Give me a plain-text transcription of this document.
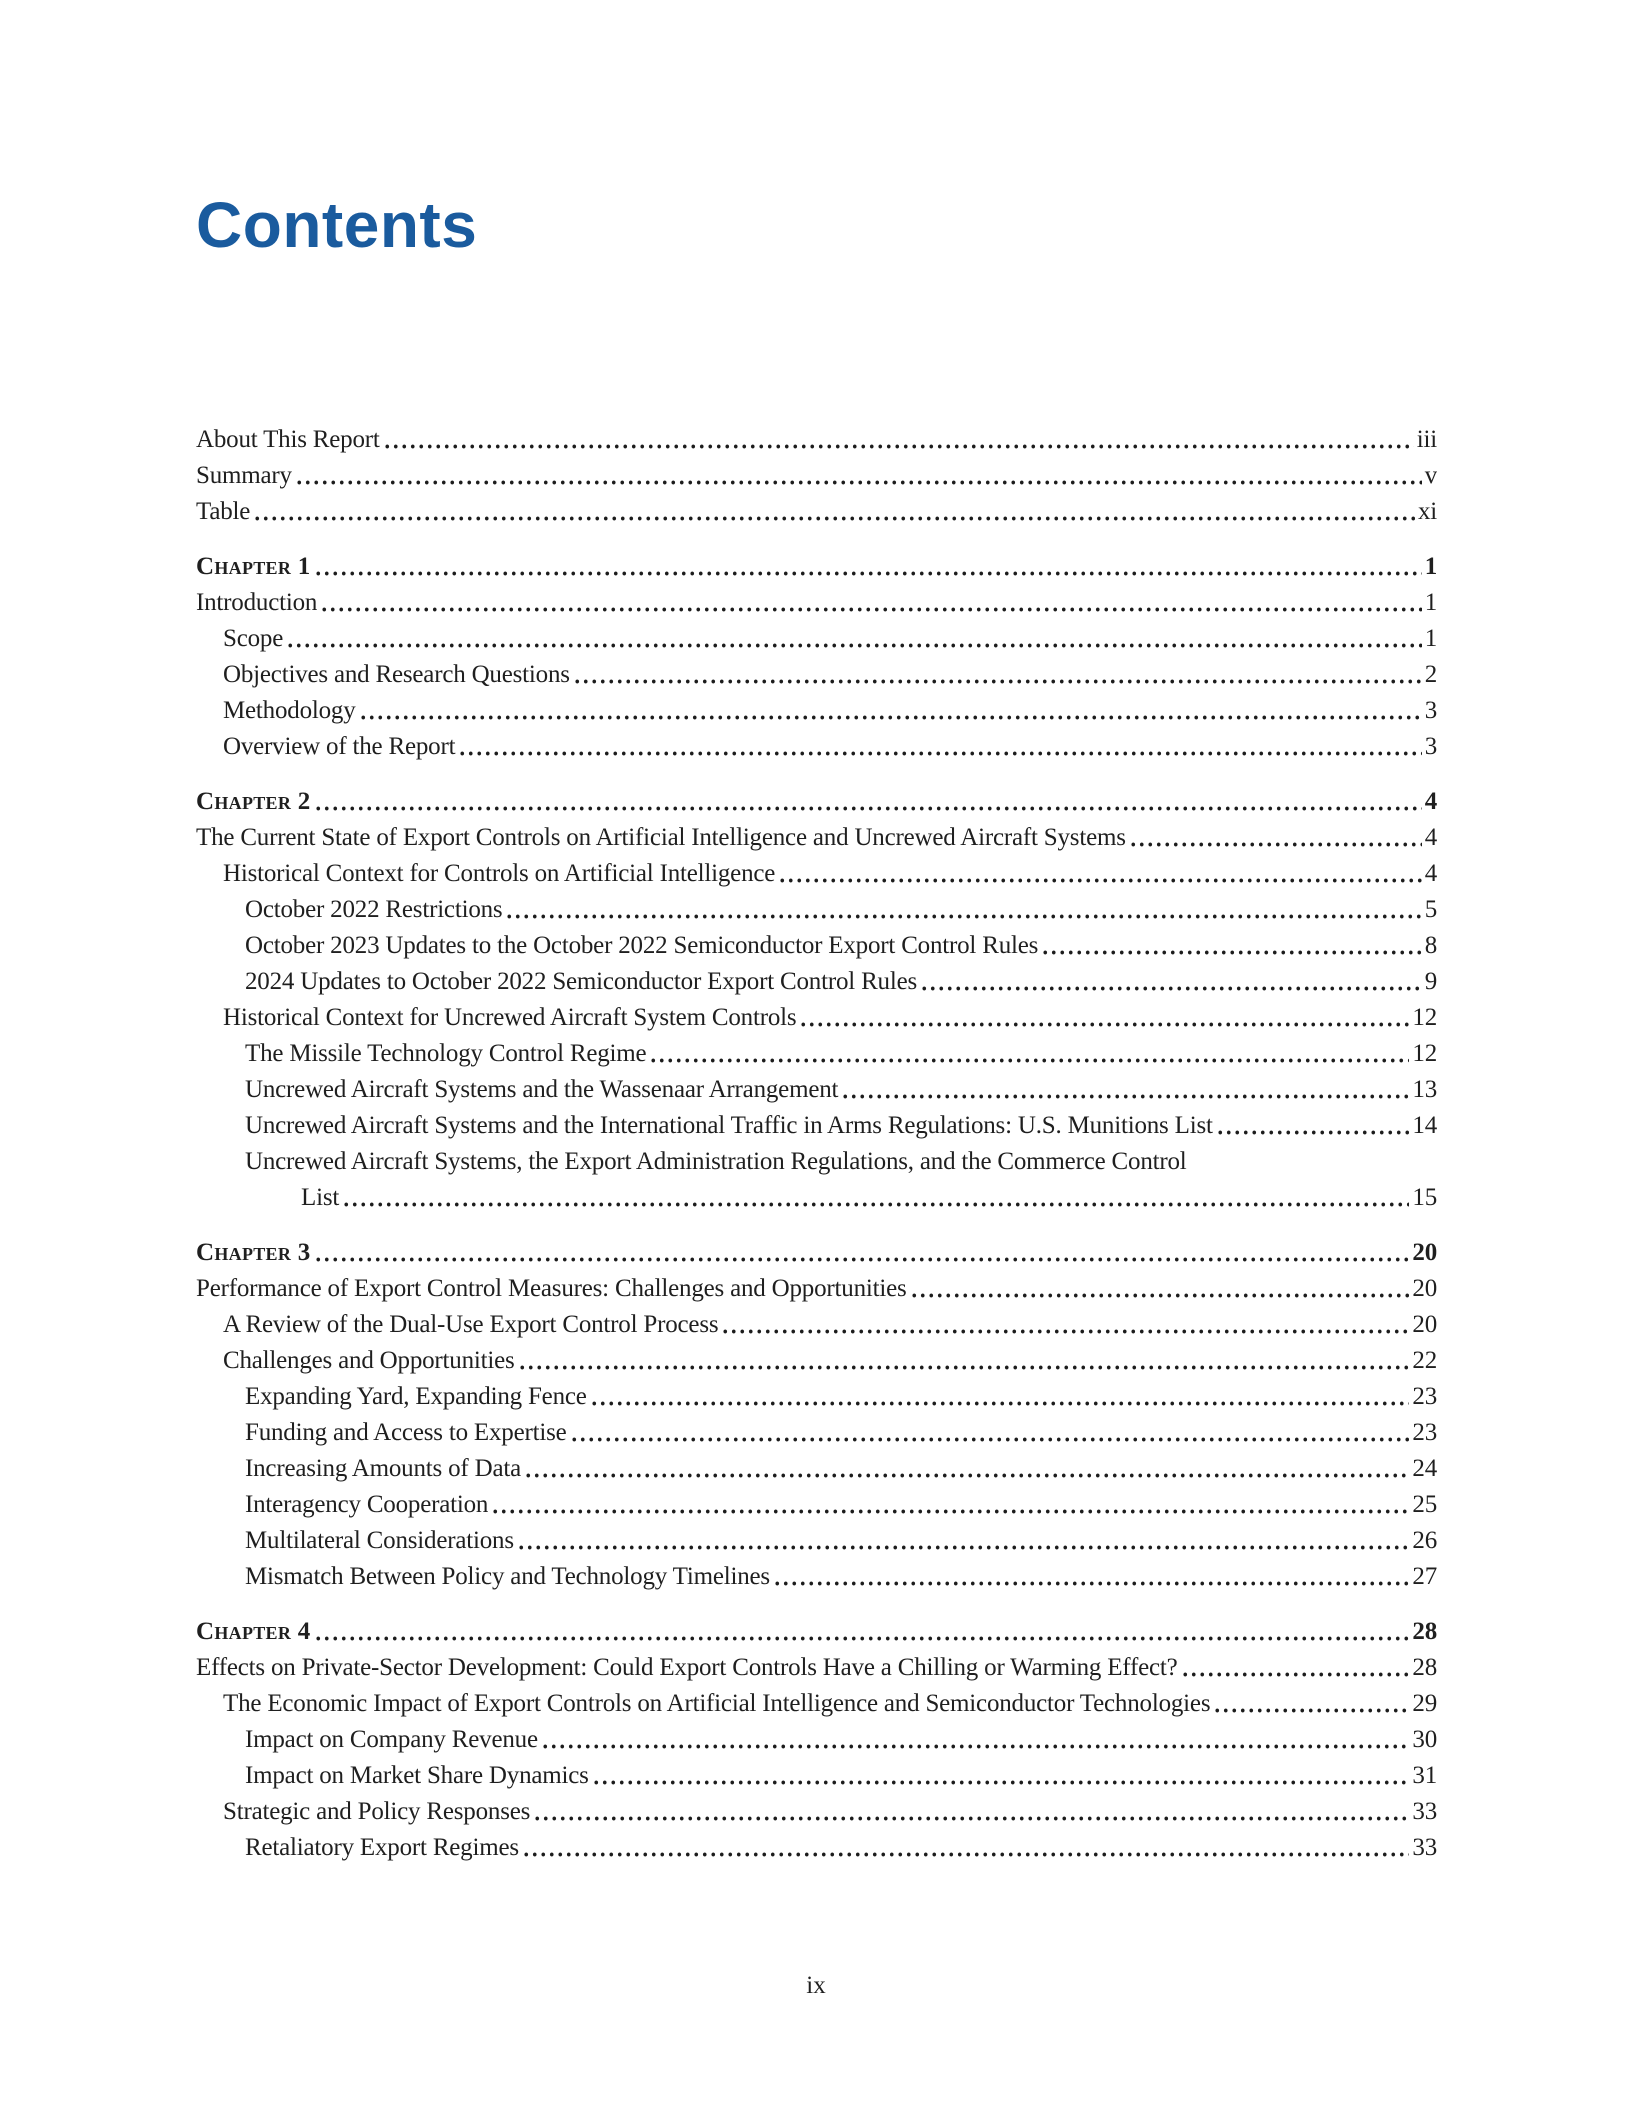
Contents
About This Report	iii
Summary	v
Table	xi
Chapter 1	1
Introduction	1
Scope	1
Objectives and Research Questions	2
Methodology	3
Overview of the Report	3
Chapter 2	4
The Current State of Export Controls on Artificial Intelligence and Uncrewed Aircraft Systems	4
Historical Context for Controls on Artificial Intelligence	4
October 2022 Restrictions	5
October 2023 Updates to the October 2022 Semiconductor Export Control Rules	8
2024 Updates to October 2022 Semiconductor Export Control Rules	9
Historical Context for Uncrewed Aircraft System Controls	12
The Missile Technology Control Regime	12
Uncrewed Aircraft Systems and the Wassenaar Arrangement	13
Uncrewed Aircraft Systems and the International Traffic in Arms Regulations: U.S. Munitions List	14
Uncrewed Aircraft Systems, the Export Administration Regulations, and the Commerce Control
List	15
Chapter 3	20
Performance of Export Control Measures: Challenges and Opportunities	20
A Review of the Dual-Use Export Control Process	20
Challenges and Opportunities	22
Expanding Yard, Expanding Fence	23
Funding and Access to Expertise	23
Increasing Amounts of Data	24
Interagency Cooperation	25
Multilateral Considerations	26
Mismatch Between Policy and Technology Timelines	27
Chapter 4	28
Effects on Private-Sector Development: Could Export Controls Have a Chilling or Warming Effect?	28
The Economic Impact of Export Controls on Artificial Intelligence and Semiconductor Technologies	29
Impact on Company Revenue	30
Impact on Market Share Dynamics	31
Strategic and Policy Responses	33
Retaliatory Export Regimes	33
ix
